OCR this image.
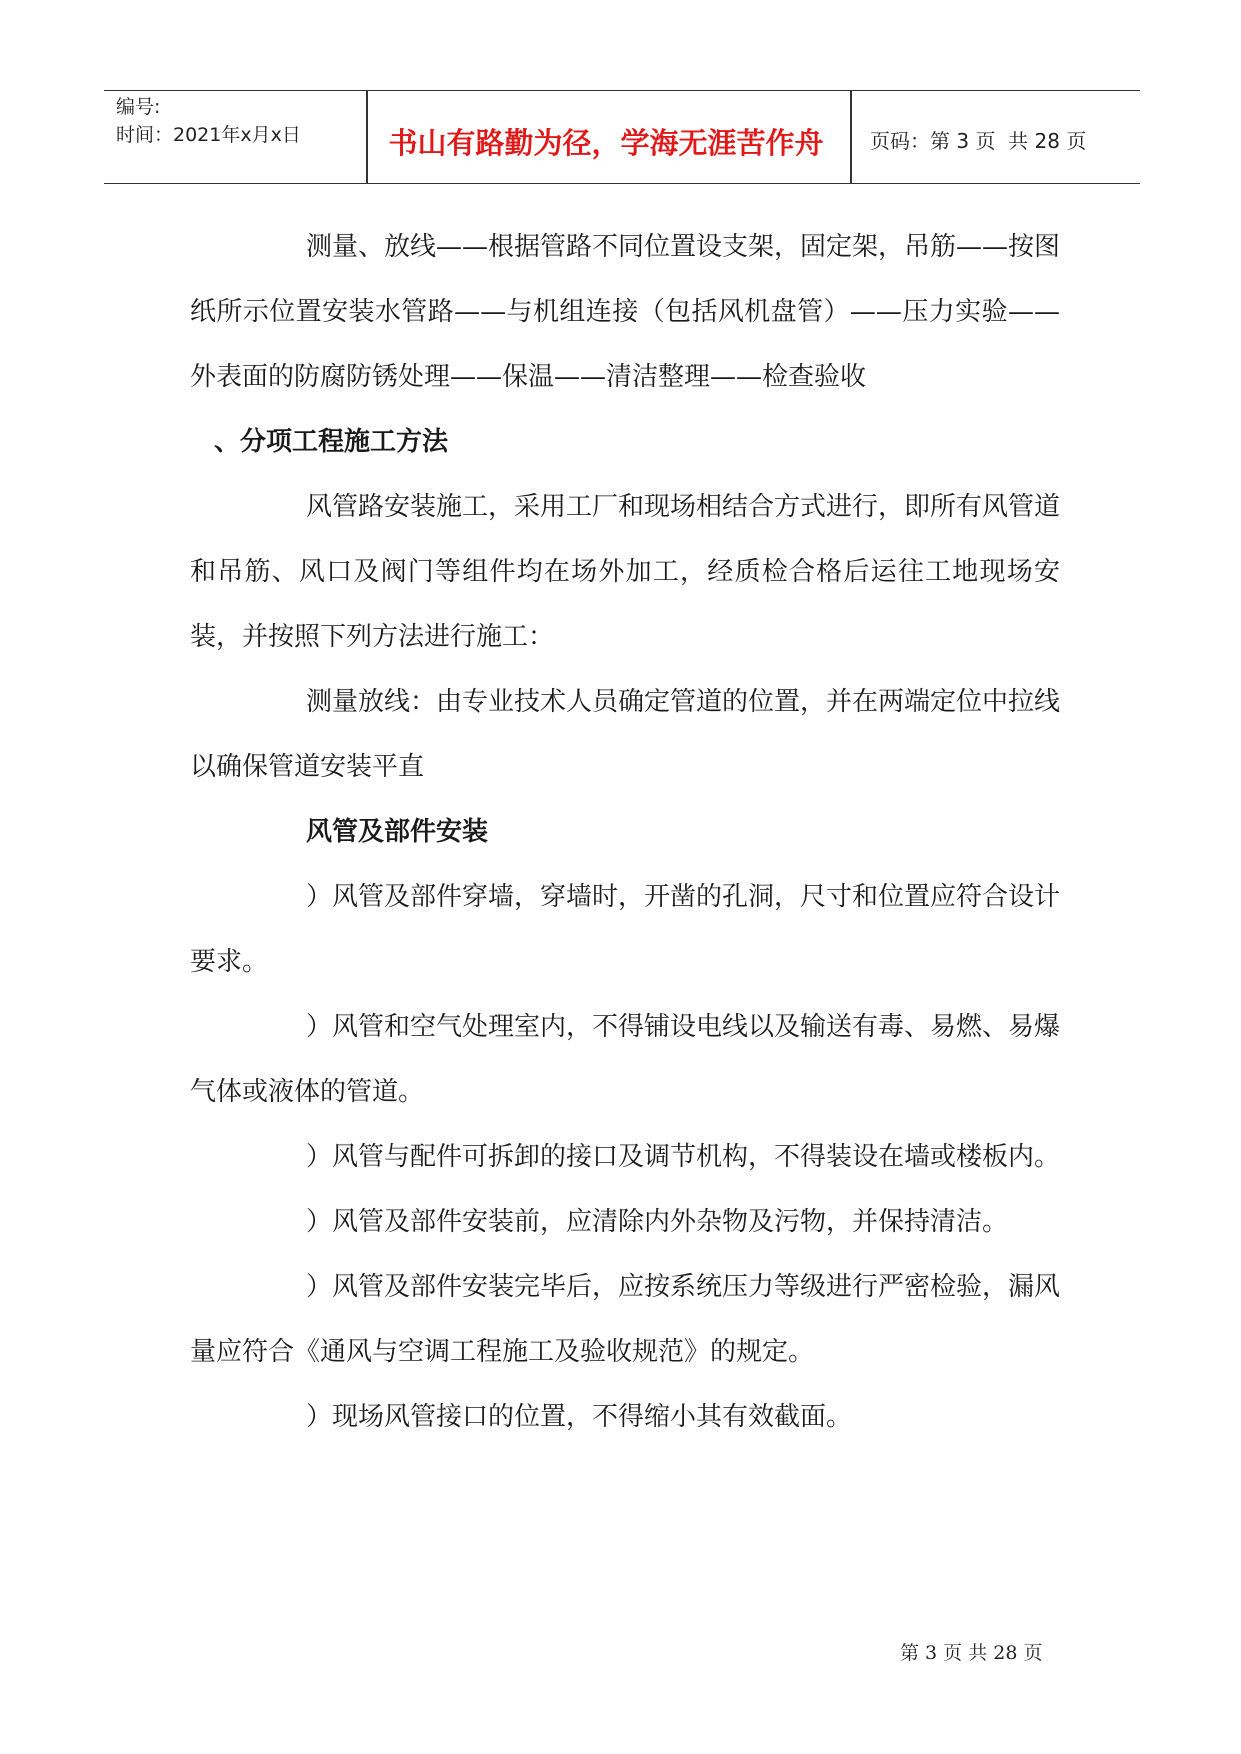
编号:
时间：2021年x月x日	书山有路勤为径，学海无涯苦作舟	页码：第 3 页  共 28 页

测量、放线——根据管路不同位置设支架，固定架，吊筋——按图纸所示位置安装水管路——与机组连接（包括风机盘管）——压力实验——外表面的防腐防锈处理——保温——清洁整理——检查验收

、分项工程施工方法

风管路安装施工，采用工厂和现场相结合方式进行，即所有风管道和吊筋、风口及阀门等组件均在场外加工，经质检合格后运往工地现场安装，并按照下列方法进行施工：

测量放线：由专业技术人员确定管道的位置，并在两端定位中拉线以确保管道安装平直

风管及部件安装

）风管及部件穿墙，穿墙时，开凿的孔洞，尺寸和位置应符合设计要求。

）风管和空气处理室内，不得铺设电线以及输送有毒、易燃、易爆气体或液体的管道。

）风管与配件可拆卸的接口及调节机构，不得装设在墙或楼板内。

）风管及部件安装前，应清除内外杂物及污物，并保持清洁。

）风管及部件安装完毕后，应按系统压力等级进行严密检验，漏风量应符合《通风与空调工程施工及验收规范》的规定。

）现场风管接口的位置，不得缩小其有效截面。

第 3 页 共 28 页
